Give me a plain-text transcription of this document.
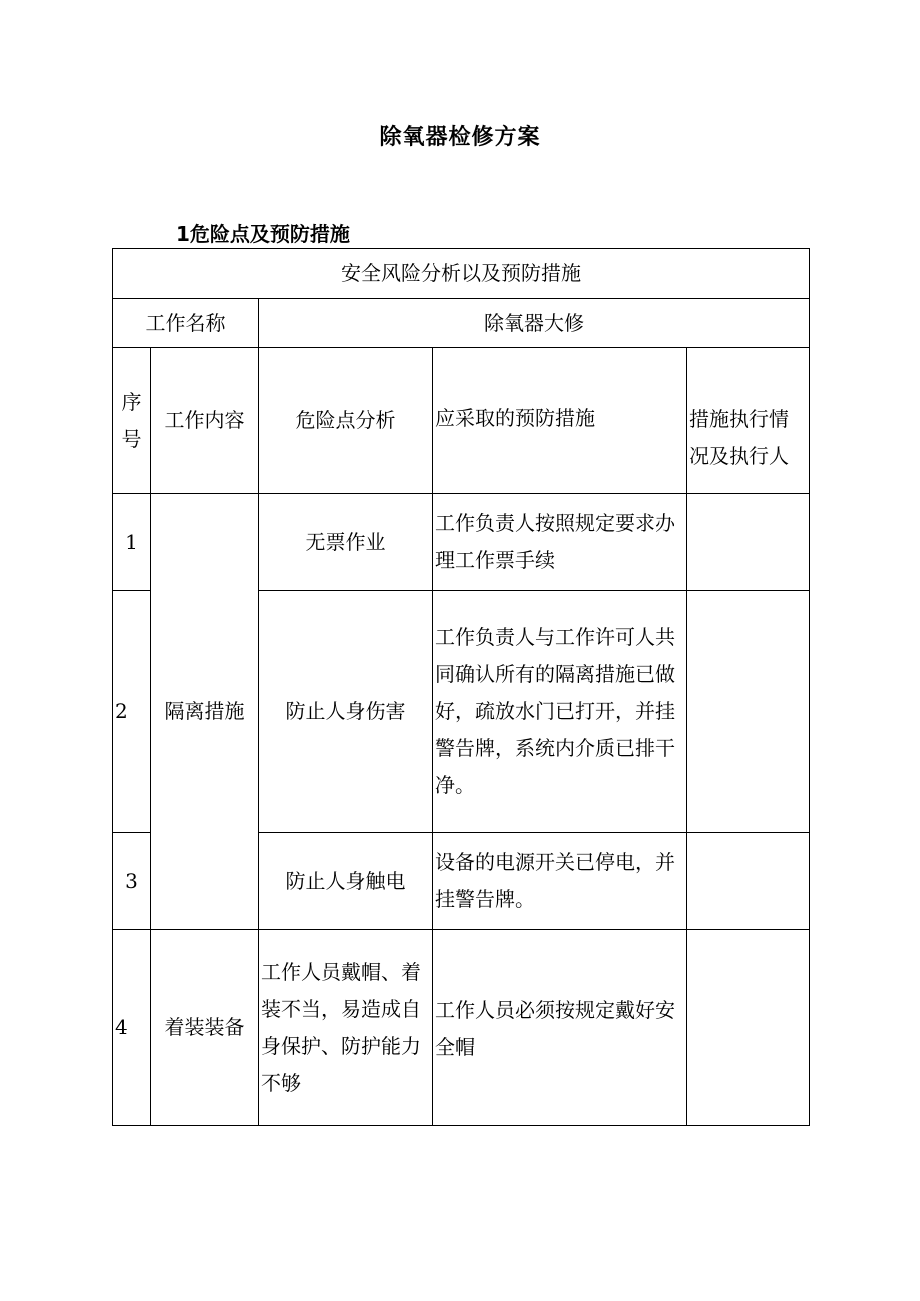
除氧器检修方案
1危险点及预防措施
安全风险分析以及预防措施				
工作名称		除氧器大修		

序
号	工作内容	危险点分析	应采取的预防措施	措施执行情况及执行人
1	隔离措施	无票作业	工作负责人按照规定要求办理工作票手续	
2		防止人身伤害	工作负责人与工作许可人共同确认所有的隔离措施已做好，疏放水门已打开，并挂警告牌，系统内介质已排干净。	
3		防止人身触电	设备的电源开关已停电，并挂警告牌。	
4	着装装备	工作人员戴帽、着装不当，易造成自身保护、防护能力不够	工作人员必须按规定戴好安全帽	
